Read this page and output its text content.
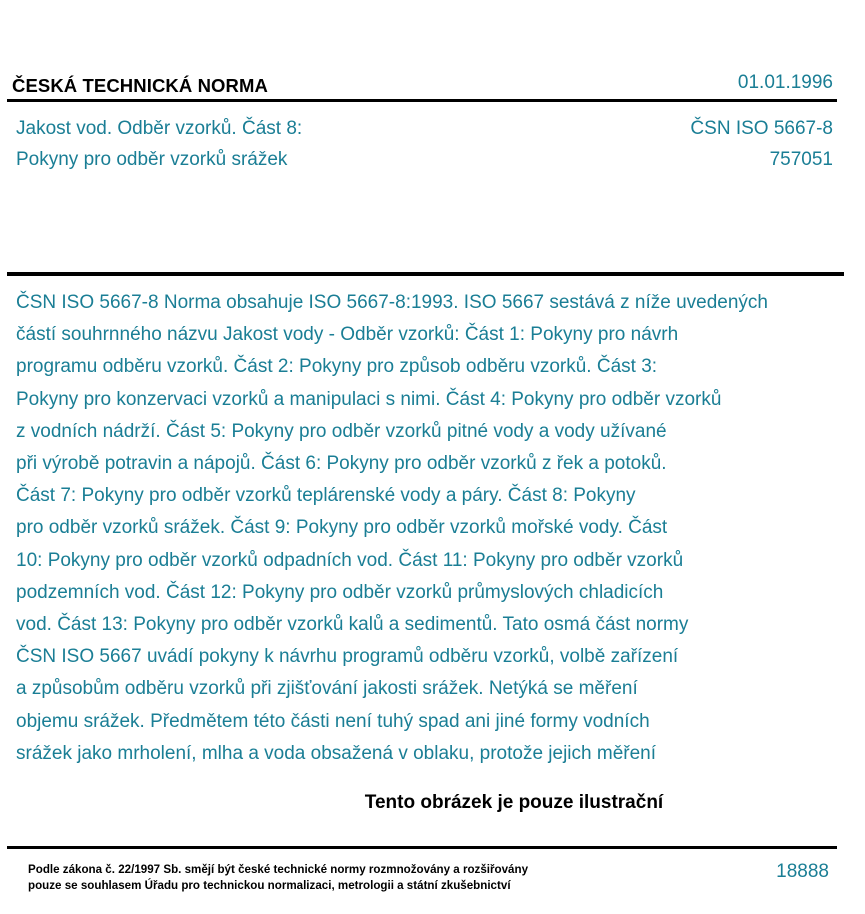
ČESKÁ TECHNICKÁ NORMA	01.01.1996
Jakost vod. Odběr vzorků. Část 8:
Pokyny pro odběr vzorků srážek
ČSN ISO 5667-8
757051
ČSN ISO 5667-8 Norma obsahuje ISO 5667-8:1993. ISO 5667 sestává z níže uvedených
částí souhrnného názvu Jakost vody - Odběr vzorků: Část 1: Pokyny pro návrh
programu odběru vzorků. Část 2: Pokyny pro způsob odběru vzorků. Část 3:
Pokyny pro konzervaci vzorků a manipulaci s nimi. Část 4: Pokyny pro odběr vzorků
z vodních nádrží. Část 5: Pokyny pro odběr vzorků pitné vody a vody užívané
při výrobě potravin a nápojů. Část 6: Pokyny pro odběr vzorků z řek a potoků.
Část 7: Pokyny pro odběr vzorků teplárenské vody a páry. Část 8: Pokyny
pro odběr vzorků srážek. Část 9: Pokyny pro odběr vzorků mořské vody. Část
10: Pokyny pro odběr vzorků odpadních vod. Část 11: Pokyny pro odběr vzorků
podzemních vod. Část 12: Pokyny pro odběr vzorků průmyslových chladicích
vod. Část 13: Pokyny pro odběr vzorků kalů a sedimentů. Tato osmá část normy
ČSN ISO 5667 uvádí pokyny k návrhu programů odběru vzorků, volbě zařízení
a způsobům odběru vzorků při zjišťování jakosti srážek. Netýká se měření
objemu srážek. Předmětem této části není tuhý spad ani jiné formy vodních
srážek jako mrholení, mlha a voda obsažená v oblaku, protože jejich měření
Tento obrázek je pouze ilustrační
Podle zákona č. 22/1997 Sb. smějí být české technické normy rozmnožovány a rozšiřovány
pouze se souhlasem Úřadu pro technickou normalizaci, metrologii a státní zkušebnictví
18888
